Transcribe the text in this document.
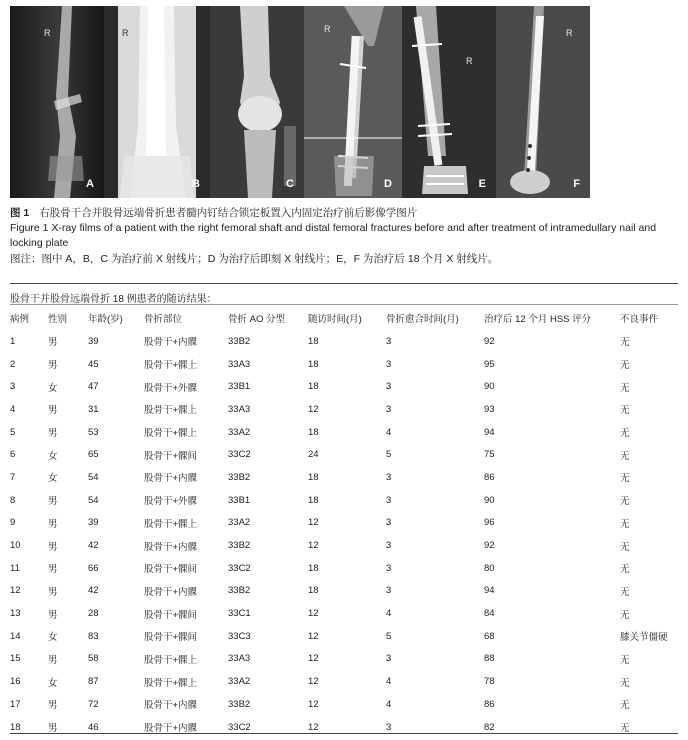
R
A
R
B	C
R
D
R
E
R
F
图 1 右股骨干合并股骨远端骨折患者髓内钉结合锁定板置入内固定治疗前后影像学图片
Figure 1 X-ray films of a patient with the right femoral shaft and distal femoral fractures before and after treatment of intramedullary nail and locking plate
图注：图中 A，B，C 为治疗前 X 射线片；D 为治疗后即刻 X 射线片；E，F 为治疗后 18 个月 X 射线片。
股骨干并股骨远端骨折 18 例患者的随访结果：
病例	性别	年龄(岁)	骨折部位	骨折 AO 分型	随访时间(月)	骨折愈合时间(月)	治疗后 12 个月 HSS 评分	不良事件
1	男	39	股骨干+内髁	33B2	18	3	92	无
2	男	45	股骨干+髁上	33A3	18	3	95	无
3	女	47	股骨干+外髁	33B1	18	3	90	无
4	男	31	股骨干+髁上	33A3	12	3	93	无
5	男	53	股骨干+髁上	33A2	18	4	94	无
6	女	65	股骨干+髁间	33C2	24	5	75	无
7	女	54	股骨干+内髁	33B2	18	3	86	无
8	男	54	股骨干+外髁	33B1	18	3	90	无
9	男	39	股骨干+髁上	33A2	12	3	96	无
10	男	42	股骨干+内髁	33B2	12	3	92	无
11	男	66	股骨干+髁间	33C2	18	3	80	无
12	男	42	股骨干+内髁	33B2	18	3	94	无
13	男	28	股骨干+髁间	33C1	12	4	84	无
14	女	83	股骨干+髁间	33C3	12	5	68	膝关节僵硬
15	男	58	股骨干+髁上	33A3	12	3	88	无
16	女	87	股骨干+髁上	33A2	12	4	78	无
17	男	72	股骨干+内髁	33B2	12	4	86	无
18	男	46	股骨干+内髁	33C2	12	3	82	无
